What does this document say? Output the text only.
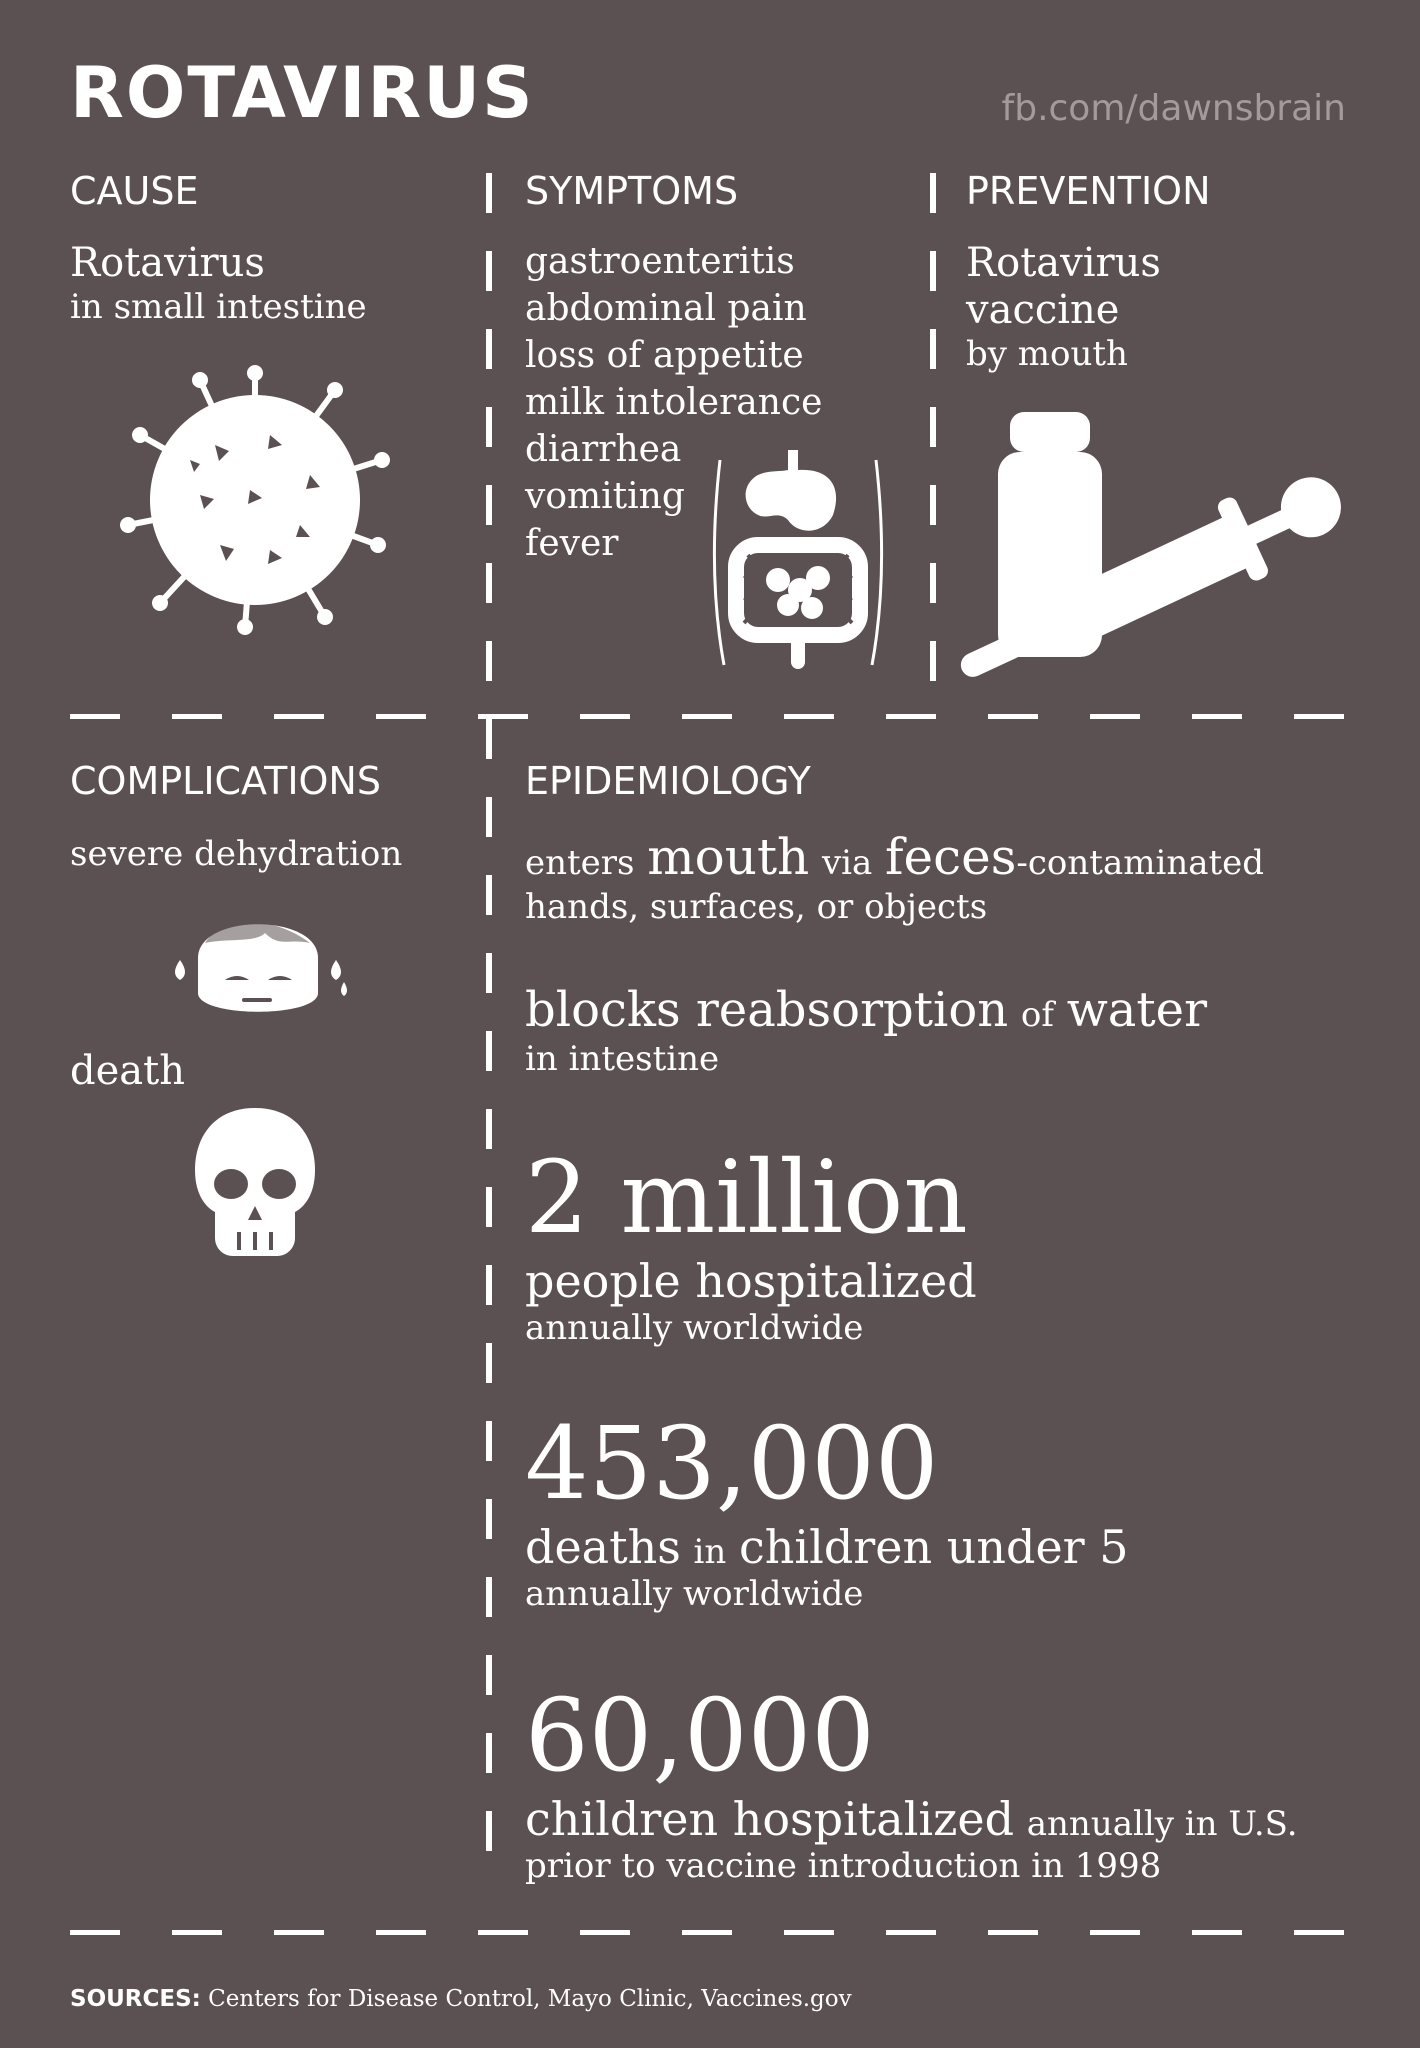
ROTAVIRUS	fb.com/dawnsbrain
CAUSE
Rotavirus
in small intestine
SYMPTOMS
gastroenteritis
abdominal pain
loss of appetite
milk intolerance
diarrhea
vomiting
fever
PREVENTION
Rotavirus
vaccine
by mouth
COMPLICATIONS
severe dehydration
death
EPIDEMIOLOGY
enters mouth via feces-contaminated
hands, surfaces, or objects
blocks reabsorption of water
in intestine
2 million
people hospitalized
annually worldwide
453,000
deaths in children under 5
annually worldwide
60,000
children hospitalized annually in U.S.
prior to vaccine introduction in 1998
SOURCES: Centers for Disease Control, Mayo Clinic, Vaccines.gov
